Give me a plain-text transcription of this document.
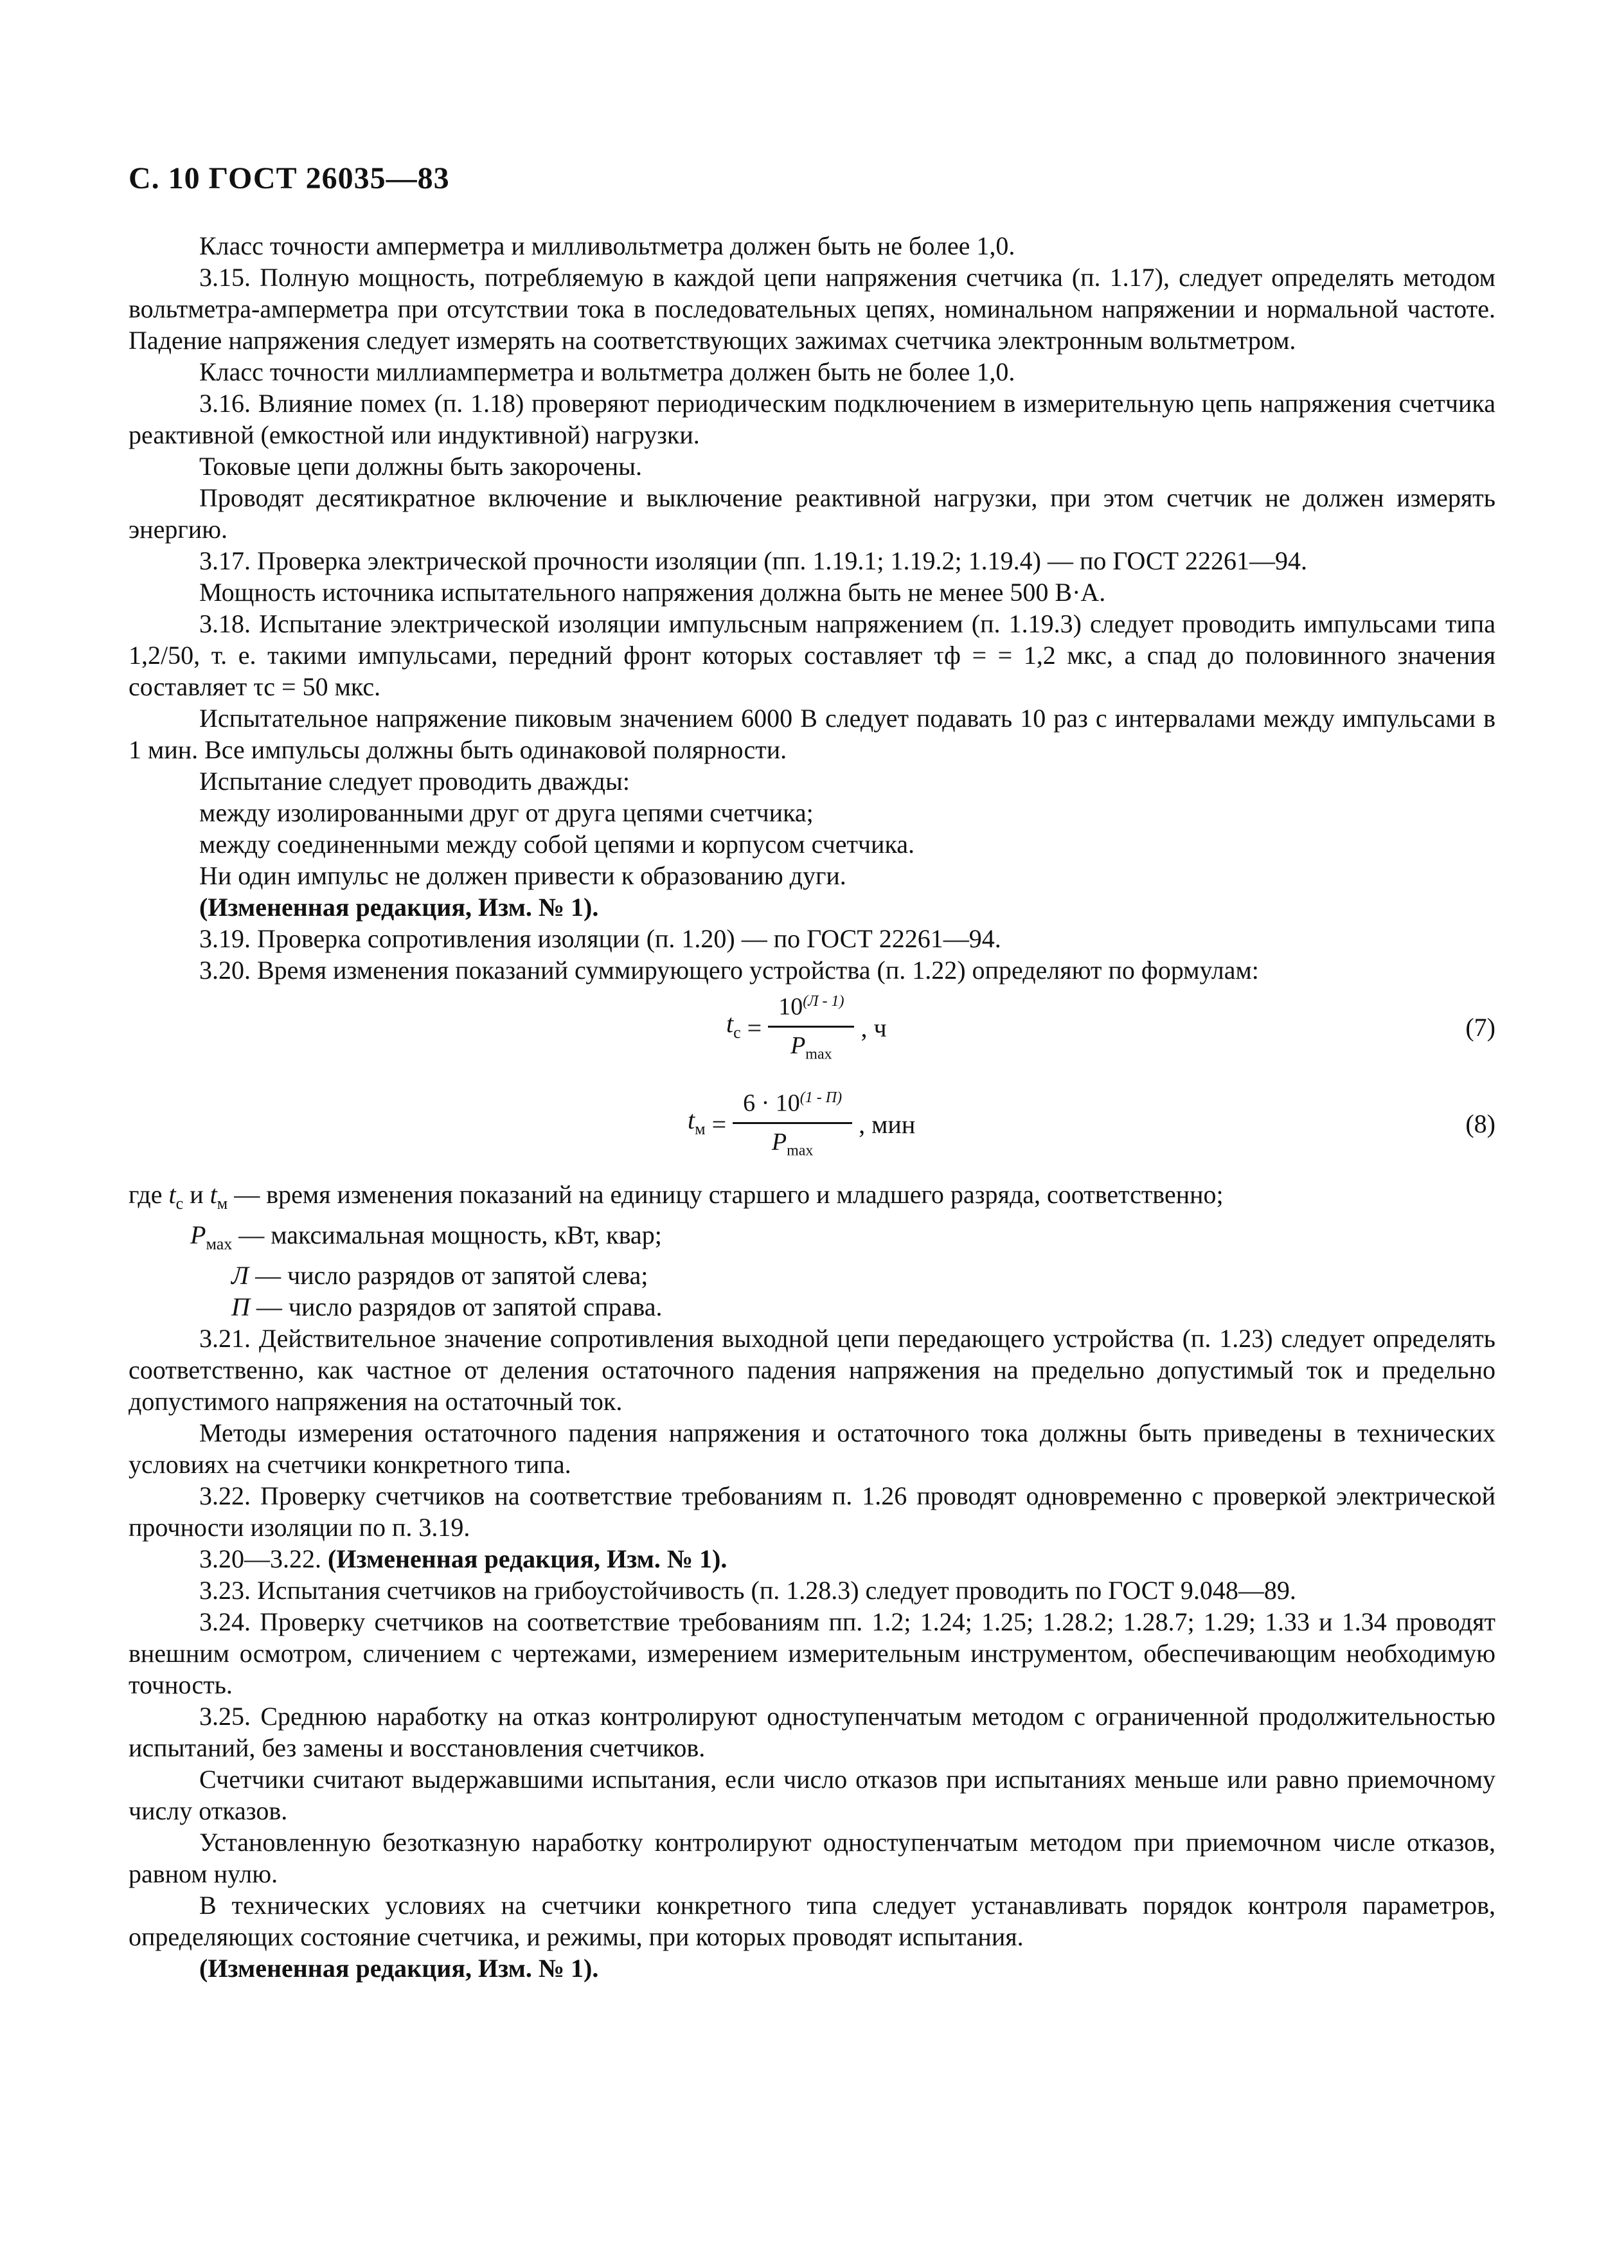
С. 10 ГОСТ 26035—83

Класс точности амперметра и милливольтметра должен быть не более 1,0.

3.15. Полную мощность, потребляемую в каждой цепи напряжения счетчика (п. 1.17), следует определять методом вольтметра-амперметра при отсутствии тока в последовательных цепях, номинальном напряжении и нормальной частоте. Падение напряжения следует измерять на соответствующих зажимах счетчика электронным вольтметром.

Класс точности миллиамперметра и вольтметра должен быть не более 1,0.

3.16. Влияние помех (п. 1.18) проверяют периодическим подключением в измерительную цепь напряжения счетчика реактивной (емкостной или индуктивной) нагрузки.

Токовые цепи должны быть закорочены.

Проводят десятикратное включение и выключение реактивной нагрузки, при этом счетчик не должен измерять энергию.

3.17. Проверка электрической прочности изоляции (пп. 1.19.1; 1.19.2; 1.19.4) — по ГОСТ 22261—94.

Мощность источника испытательного напряжения должна быть не менее 500 В·А.

3.18. Испытание электрической изоляции импульсным напряжением (п. 1.19.3) следует проводить импульсами типа 1,2/50, т. е. такими импульсами, передний фронт которых составляет τф = = 1,2 мкс, а спад до половинного значения составляет τс = 50 мкс.

Испытательное напряжение пиковым значением 6000 В следует подавать 10 раз с интервалами между импульсами в 1 мин. Все импульсы должны быть одинаковой полярности.

Испытание следует проводить дважды:

между изолированными друг от друга цепями счетчика;

между соединенными между собой цепями и корпусом счетчика.

Ни один импульс не должен привести к образованию дуги.

(Измененная редакция, Изм. № 1).

3.19. Проверка сопротивления изоляции (п. 1.20) — по ГОСТ 22261—94.

3.20. Время изменения показаний суммирующего устройства (п. 1.22) определяют по формулам:

$t_с = \frac{10^{(Л - 1)}}{P_{max}}$ , ч	(7)
$t_м = \frac{6 \cdot 10^{(1 - П)}}{P_{max}}$ , мин	(8)

где $t_с$ и $t_м$ — время изменения показаний на единицу старшего и младшего разряда, соответственно;

$P_{мах}$ — максимальная мощность, кВт, квар;

Л — число разрядов от запятой слева;

П — число разрядов от запятой справа.

3.21. Действительное значение сопротивления выходной цепи передающего устройства (п. 1.23) следует определять соответственно, как частное от деления остаточного падения напряжения на предельно допустимый ток и предельно допустимого напряжения на остаточный ток.

Методы измерения остаточного падения напряжения и остаточного тока должны быть приведены в технических условиях на счетчики конкретного типа.

3.22. Проверку счетчиков на соответствие требованиям п. 1.26 проводят одновременно с проверкой электрической прочности изоляции по п. 3.19.

3.20—3.22. (Измененная редакция, Изм. № 1).

3.23. Испытания счетчиков на грибоустойчивость (п. 1.28.3) следует проводить по ГОСТ 9.048—89.

3.24. Проверку счетчиков на соответствие требованиям пп. 1.2; 1.24; 1.25; 1.28.2; 1.28.7; 1.29; 1.33 и 1.34 проводят внешним осмотром, сличением с чертежами, измерением измерительным инструментом, обеспечивающим необходимую точность.

3.25. Среднюю наработку на отказ контролируют одноступенчатым методом с ограниченной продолжительностью испытаний, без замены и восстановления счетчиков.

Счетчики считают выдержавшими испытания, если число отказов при испытаниях меньше или равно приемочному числу отказов.

Установленную безотказную наработку контролируют одноступенчатым методом при приемочном числе отказов, равном нулю.

В технических условиях на счетчики конкретного типа следует устанавливать порядок контроля параметров, определяющих состояние счетчика, и режимы, при которых проводят испытания.

(Измененная редакция, Изм. № 1).
